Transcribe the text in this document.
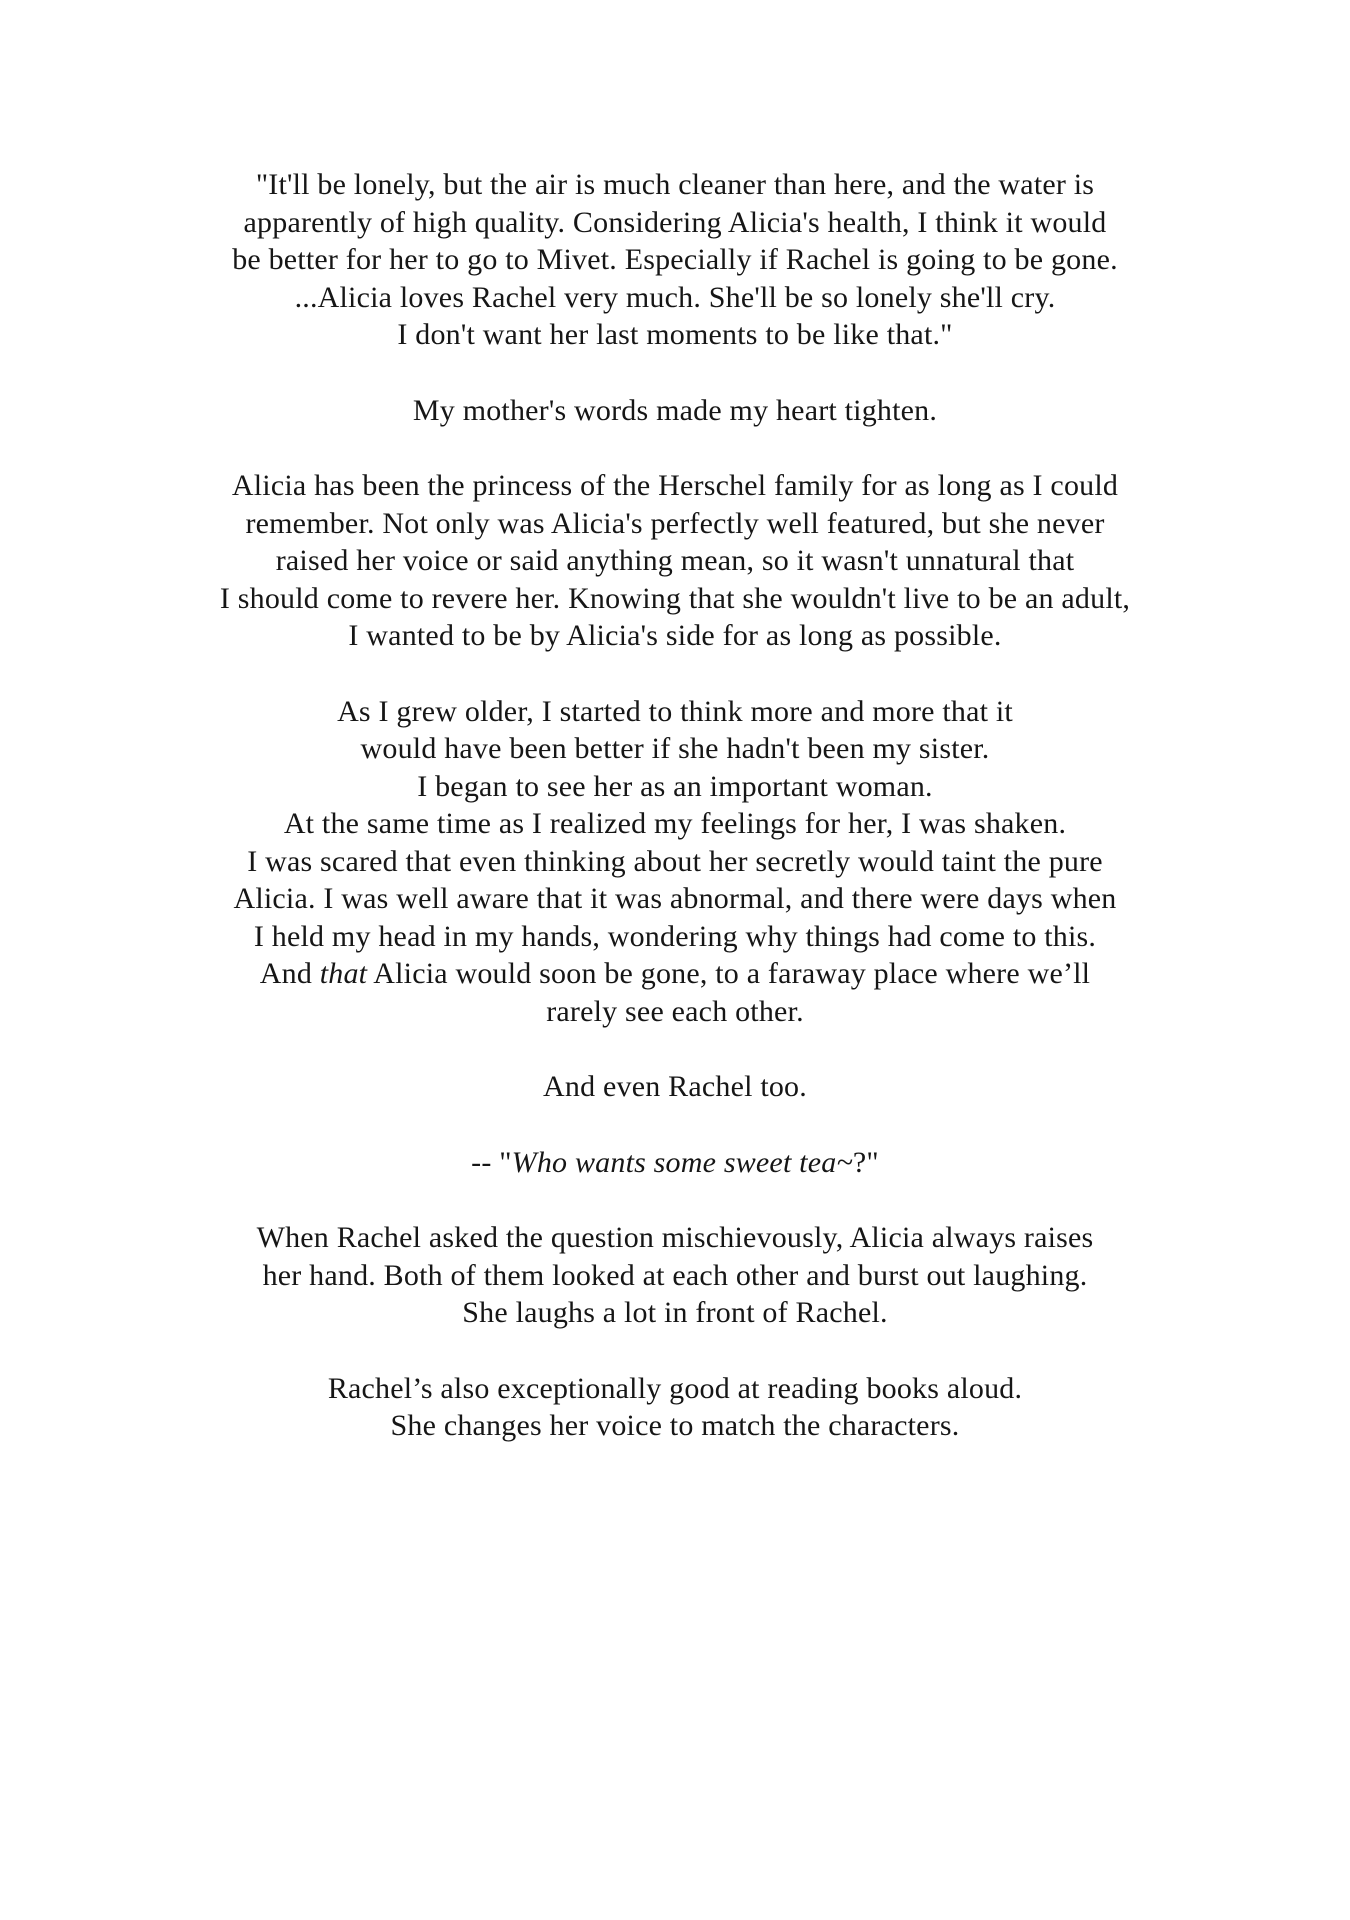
"It'll be lonely, but the air is much cleaner than here, and the water is
apparently of high quality. Considering Alicia's health, I think it would
be better for her to go to Mivet. Especially if Rachel is going to be gone.
...Alicia loves Rachel very much. She'll be so lonely she'll cry.
I don't want her last moments to be like that."
My mother's words made my heart tighten.
Alicia has been the princess of the Herschel family for as long as I could
remember. Not only was Alicia's perfectly well featured, but she never
raised her voice or said anything mean, so it wasn't unnatural that
I should come to revere her. Knowing that she wouldn't live to be an adult,
I wanted to be by Alicia's side for as long as possible.
As I grew older, I started to think more and more that it
would have been better if she hadn't been my sister.
I began to see her as an important woman.
At the same time as I realized my feelings for her, I was shaken.
I was scared that even thinking about her secretly would taint the pure
Alicia. I was well aware that it was abnormal, and there were days when
I held my head in my hands, wondering why things had come to this.
And that Alicia would soon be gone, to a faraway place where we’ll
rarely see each other.
And even Rachel too.
-- "Who wants some sweet tea~?"
When Rachel asked the question mischievously, Alicia always raises
her hand. Both of them looked at each other and burst out laughing.
She laughs a lot in front of Rachel.
Rachel’s also exceptionally good at reading books aloud.
She changes her voice to match the characters.
